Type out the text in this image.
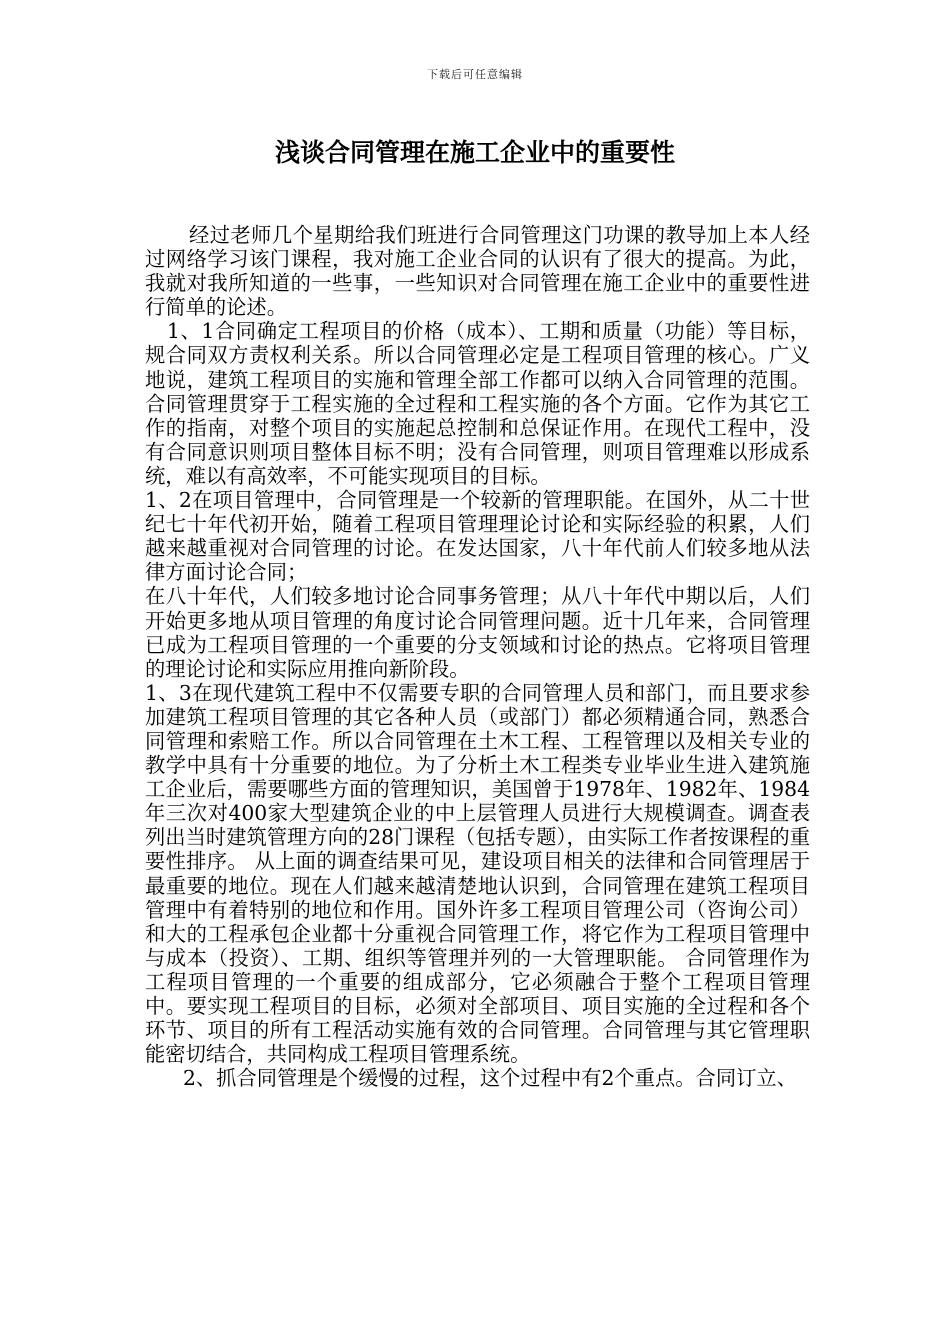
下载后可任意编辑
浅谈合同管理在施工企业中的重要性

经过老师几个星期给我们班进行合同管理这门功课的教导加上本人经过网络学习该门课程，我对施工企业合同的认识有了很大的提高。为此，我就对我所知道的一些事，一些知识对合同管理在施工企业中的重要性进行简单的论述。

1、1合同确定工程项目的价格（成本）、工期和质量（功能）等目标，规合同双方责权利关系。所以合同管理必定是工程项目管理的核心。广义地说，建筑工程项目的实施和管理全部工作都可以纳入合同管理的范围。合同管理贯穿于工程实施的全过程和工程实施的各个方面。它作为其它工作的指南，对整个项目的实施起总控制和总保证作用。在现代工程中，没有合同意识则项目整体目标不明；没有合同管理，则项目管理难以形成系统，难以有高效率，不可能实现项目的目标。

1、2在项目管理中，合同管理是一个较新的管理职能。在国外，从二十世纪七十年代初开始，随着工程项目管理理论讨论和实际经验的积累，人们越来越重视对合同管理的讨论。在发达国家，八十年代前人们较多地从法律方面讨论合同；

在八十年代，人们较多地讨论合同事务管理；从八十年代中期以后，人们开始更多地从项目管理的角度讨论合同管理问题。近十几年来，合同管理已成为工程项目管理的一个重要的分支领域和讨论的热点。它将项目管理的理论讨论和实际应用推向新阶段。

1、3在现代建筑工程中不仅需要专职的合同管理人员和部门，而且要求参加建筑工程项目管理的其它各种人员（或部门）都必须精通合同，熟悉合同管理和索赔工作。所以合同管理在土木工程、工程管理以及相关专业的教学中具有十分重要的地位。为了分析土木工程类专业毕业生进入建筑施工企业后，需要哪些方面的管理知识，美国曾于1978年、1982年、1984年三次对400家大型建筑企业的中上层管理人员进行大规模调查。调查表列出当时建筑管理方向的28门课程（包括专题），由实际工作者按课程的重要性排序。 从上面的调查结果可见，建设项目相关的法律和合同管理居于最重要的地位。现在人们越来越清楚地认识到，合同管理在建筑工程项目管理中有着特别的地位和作用。国外许多工程项目管理公司（咨询公司）和大的工程承包企业都十分重视合同管理工作，将它作为工程项目管理中与成本（投资）、工期、组织等管理并列的一大管理职能。 合同管理作为工程项目管理的一个重要的组成部分，它必须融合于整个工程项目管理中。要实现工程项目的目标，必须对全部项目、项目实施的全过程和各个环节、项目的所有工程活动实施有效的合同管理。合同管理与其它管理职能密切结合，共同构成工程项目管理系统。

2、抓合同管理是个缓慢的过程，这个过程中有2个重点。合同订立、
